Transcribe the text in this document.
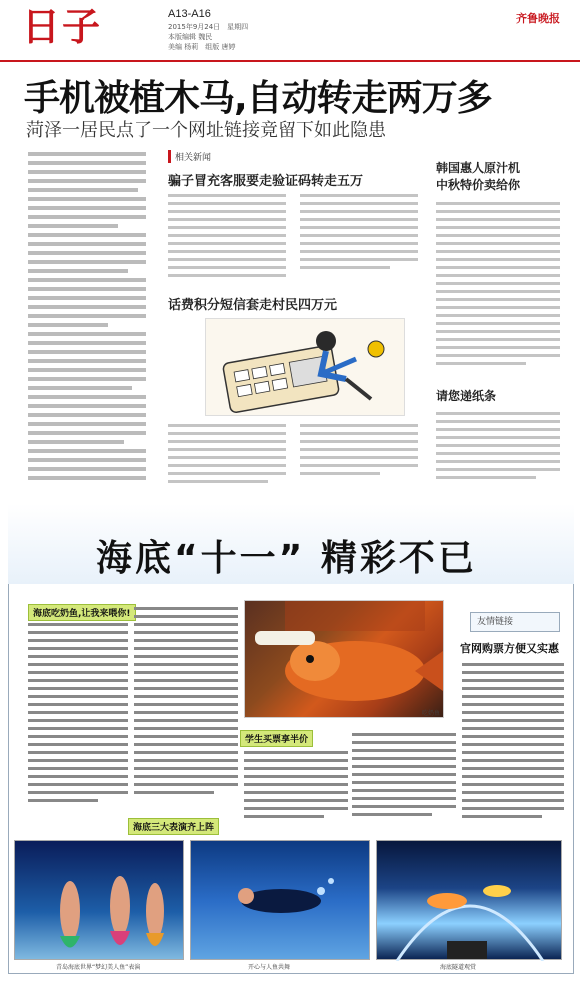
日子	A13-A16
2015年9月24日　星期四
本版编辑 魏民
美编 杨莉　组版 唐婷
齐鲁晚报
手机被植木马,自动转走两万多
菏泽一居民点了一个网址链接竟留下如此隐患
相关新闻
骗子冒充客服要走验证码转走五万
话费积分短信套走村民四万元
韩国惠人原汁机
中秋特价卖给你
请您递纸条
海底“十一” 精彩不已
海底吃奶鱼,让我来喂你!
吃奶鱼
海底三大表演齐上阵
学生买票享半价
友情链接
官网购票方便又实惠
青岛海底世界“梦幻美人鱼”表演	开心与人鱼共舞	海底隧道观赏
